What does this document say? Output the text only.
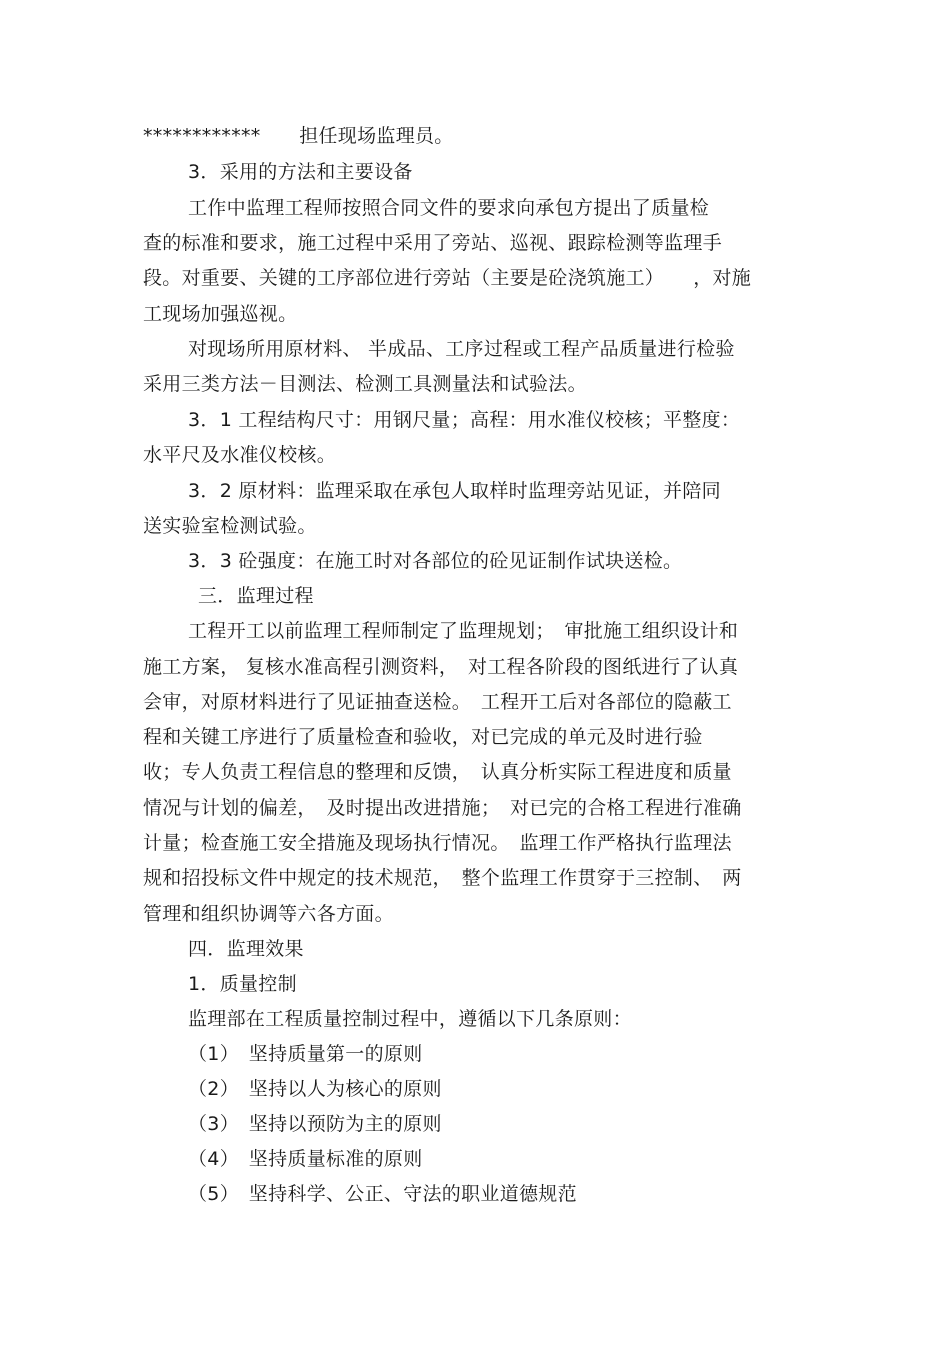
************　　担任现场监理员。
3．采用的方法和主要设备
工作中监理工程师按照合同文件的要求向承包方提出了质量检
查的标准和要求，施工过程中采用了旁站、巡视、跟踪检测等监理手
段。对重要、关键的工序部位进行旁站（主要是砼浇筑施工）　　，对施
工现场加强巡视。
对现场所用原材料、 半成品、工序过程或工程产品质量进行检验
采用三类方法－目测法、检测工具测量法和试验法。
3．1 工程结构尺寸：用钢尺量；高程：用水准仪校核；平整度：
水平尺及水准仪校核。
3．2 原材料：监理采取在承包人取样时监理旁站见证，并陪同
送实验室检测试验。
3．3 砼强度：在施工时对各部位的砼见证制作试块送检。
三．监理过程
工程开工以前监理工程师制定了监理规划；　审批施工组织设计和
施工方案， 复核水准高程引测资料，　对工程各阶段的图纸进行了认真
会审，对原材料进行了见证抽查送检。　工程开工后对各部位的隐蔽工
程和关键工序进行了质量检查和验收，对已完成的单元及时进行验
收；专人负责工程信息的整理和反馈，　认真分析实际工程进度和质量
情况与计划的偏差，　及时提出改进措施；　对已完的合格工程进行准确
计量；检查施工安全措施及现场执行情况。　监理工作严格执行监理法
规和招投标文件中规定的技术规范，　整个监理工作贯穿于三控制、　两
管理和组织协调等六各方面。
四．监理效果
1．质量控制
监理部在工程质量控制过程中，遵循以下几条原则：
（1）　坚持质量第一的原则
（2）　坚持以人为核心的原则
（3）　坚持以预防为主的原则
（4）　坚持质量标准的原则
（5）　坚持科学、公正、守法的职业道德规范
